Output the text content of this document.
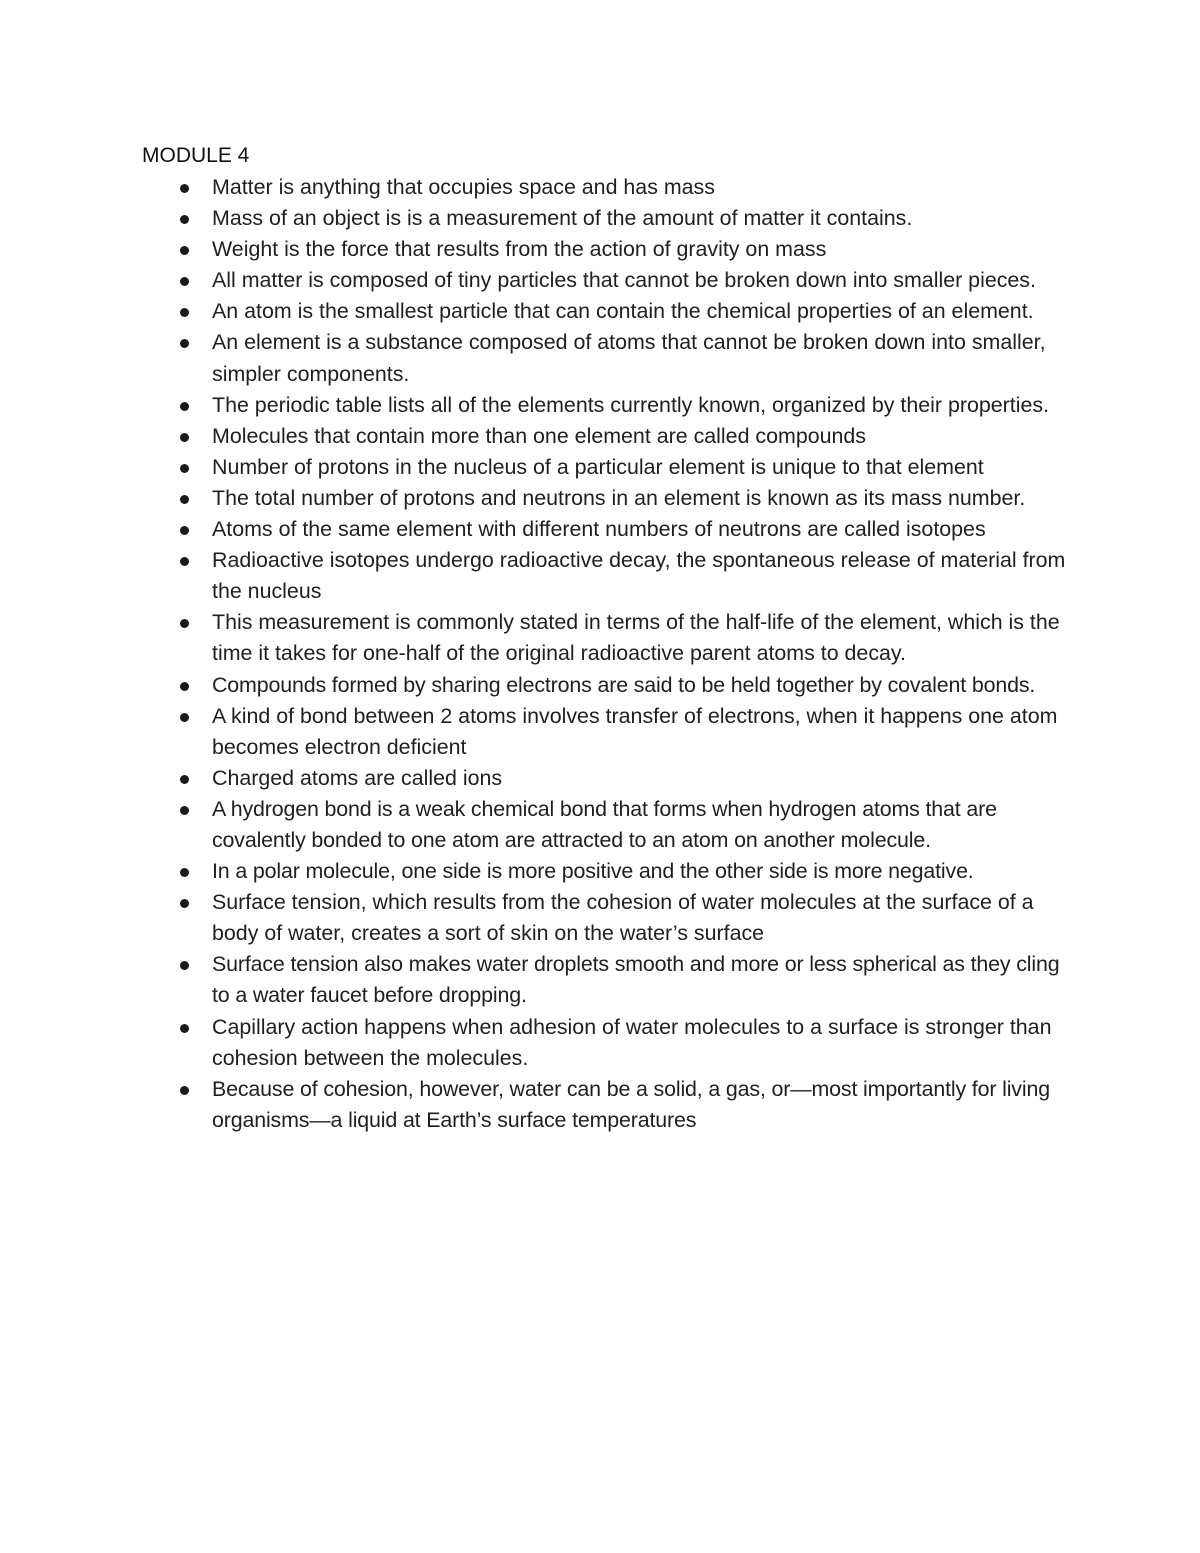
MODULE 4
Matter is anything that occupies space and has mass
Mass of an object is is a measurement of the amount of matter it contains.
Weight is the force that results from the action of gravity on mass
All matter is composed of tiny particles that cannot be broken down into smaller pieces.
An atom is the smallest particle that can contain the chemical properties of an element.
An element is a substance composed of atoms that cannot be broken down into smaller, simpler components.
The periodic table lists all of the elements currently known, organized by their properties.
Molecules that contain more than one element are called compounds
Number of protons in the nucleus of a particular element is unique to that element
The total number of protons and neutrons in an element is known as its mass number.
Atoms of the same element with different numbers of neutrons are called isotopes
Radioactive isotopes undergo radioactive decay, the spontaneous release of material from the nucleus
This measurement is commonly stated in terms of the half-life of the element, which is the time it takes for one-half of the original radioactive parent atoms to decay.
Compounds formed by sharing electrons are said to be held together by covalent bonds.
A kind of bond between 2 atoms involves transfer of electrons, when it happens one atom becomes electron deficient
Charged atoms are called ions
A hydrogen bond is a weak chemical bond that forms when hydrogen atoms that are covalently bonded to one atom are attracted to an atom on another molecule.
In a polar molecule, one side is more positive and the other side is more negative.
Surface tension, which results from the cohesion of water molecules at the surface of a body of water, creates a sort of skin on the water’s surface
Surface tension also makes water droplets smooth and more or less spherical as they cling to a water faucet before dropping.
Capillary action happens when adhesion of water molecules to a surface is stronger than cohesion between the molecules.
Because of cohesion, however, water can be a solid, a gas, or—most importantly for living organisms—a liquid at Earth’s surface temperatures
